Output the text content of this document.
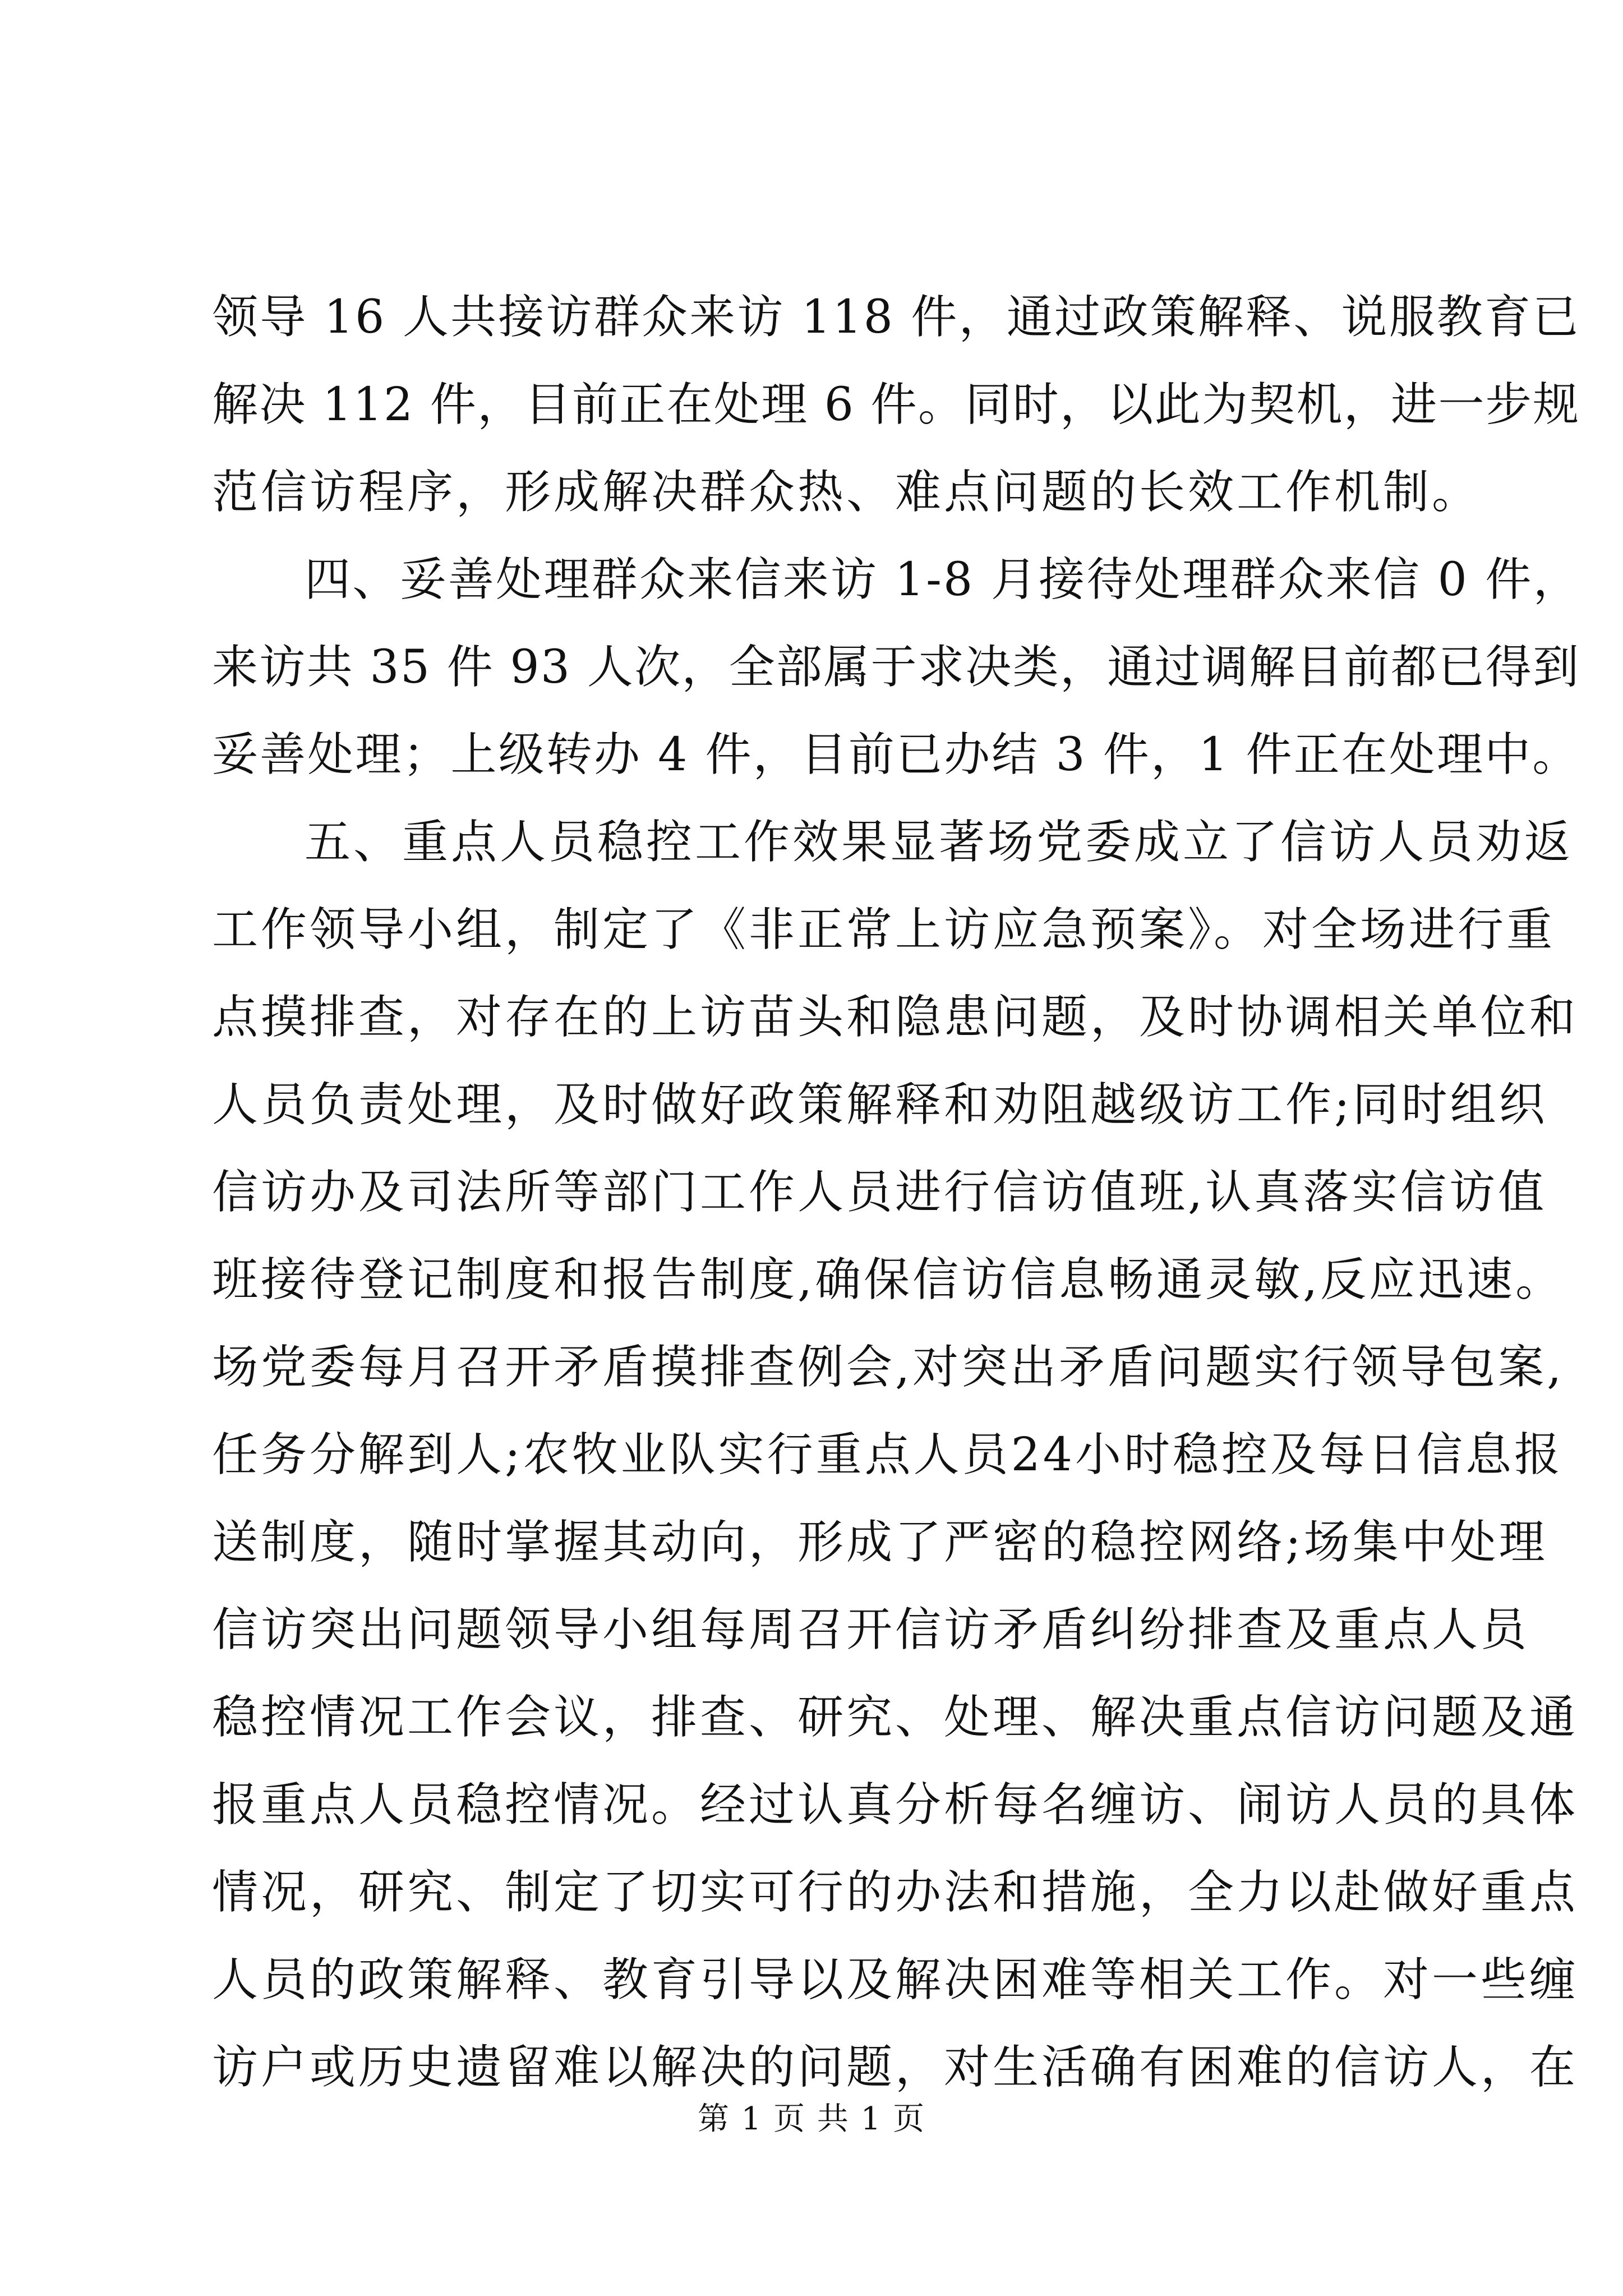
领导 16 人共接访群众来访 118 件，通过政策解释、说服教育已
解决 112 件，目前正在处理 6 件。同时，以此为契机，进一步规
范信访程序，形成解决群众热、难点问题的长效工作机制。
四、妥善处理群众来信来访 1-8 月接待处理群众来信 0 件，
来访共 35 件 93 人次，全部属于求决类，通过调解目前都已得到
妥善处理；上级转办 4 件，目前已办结 3 件，1 件正在处理中。
五、重点人员稳控工作效果显著场党委成立了信访人员劝返
工作领导小组，制定了《非正常上访应急预案》。对全场进行重
点摸排查，对存在的上访苗头和隐患问题，及时协调相关单位和
人员负责处理，及时做好政策解释和劝阻越级访工作;同时组织
信访办及司法所等部门工作人员进行信访值班,认真落实信访值
班接待登记制度和报告制度,确保信访信息畅通灵敏,反应迅速。
场党委每月召开矛盾摸排查例会,对突出矛盾问题实行领导包案,
任务分解到人;农牧业队实行重点人员24小时稳控及每日信息报
送制度，随时掌握其动向，形成了严密的稳控网络;场集中处理
信访突出问题领导小组每周召开信访矛盾纠纷排查及重点人员
稳控情况工作会议，排查、研究、处理、解决重点信访问题及通
报重点人员稳控情况。经过认真分析每名缠访、闹访人员的具体
情况，研究、制定了切实可行的办法和措施，全力以赴做好重点
人员的政策解释、教育引导以及解决困难等相关工作。对一些缠
访户或历史遗留难以解决的问题，对生活确有困难的信访人，在
第 1 页 共 1 页
